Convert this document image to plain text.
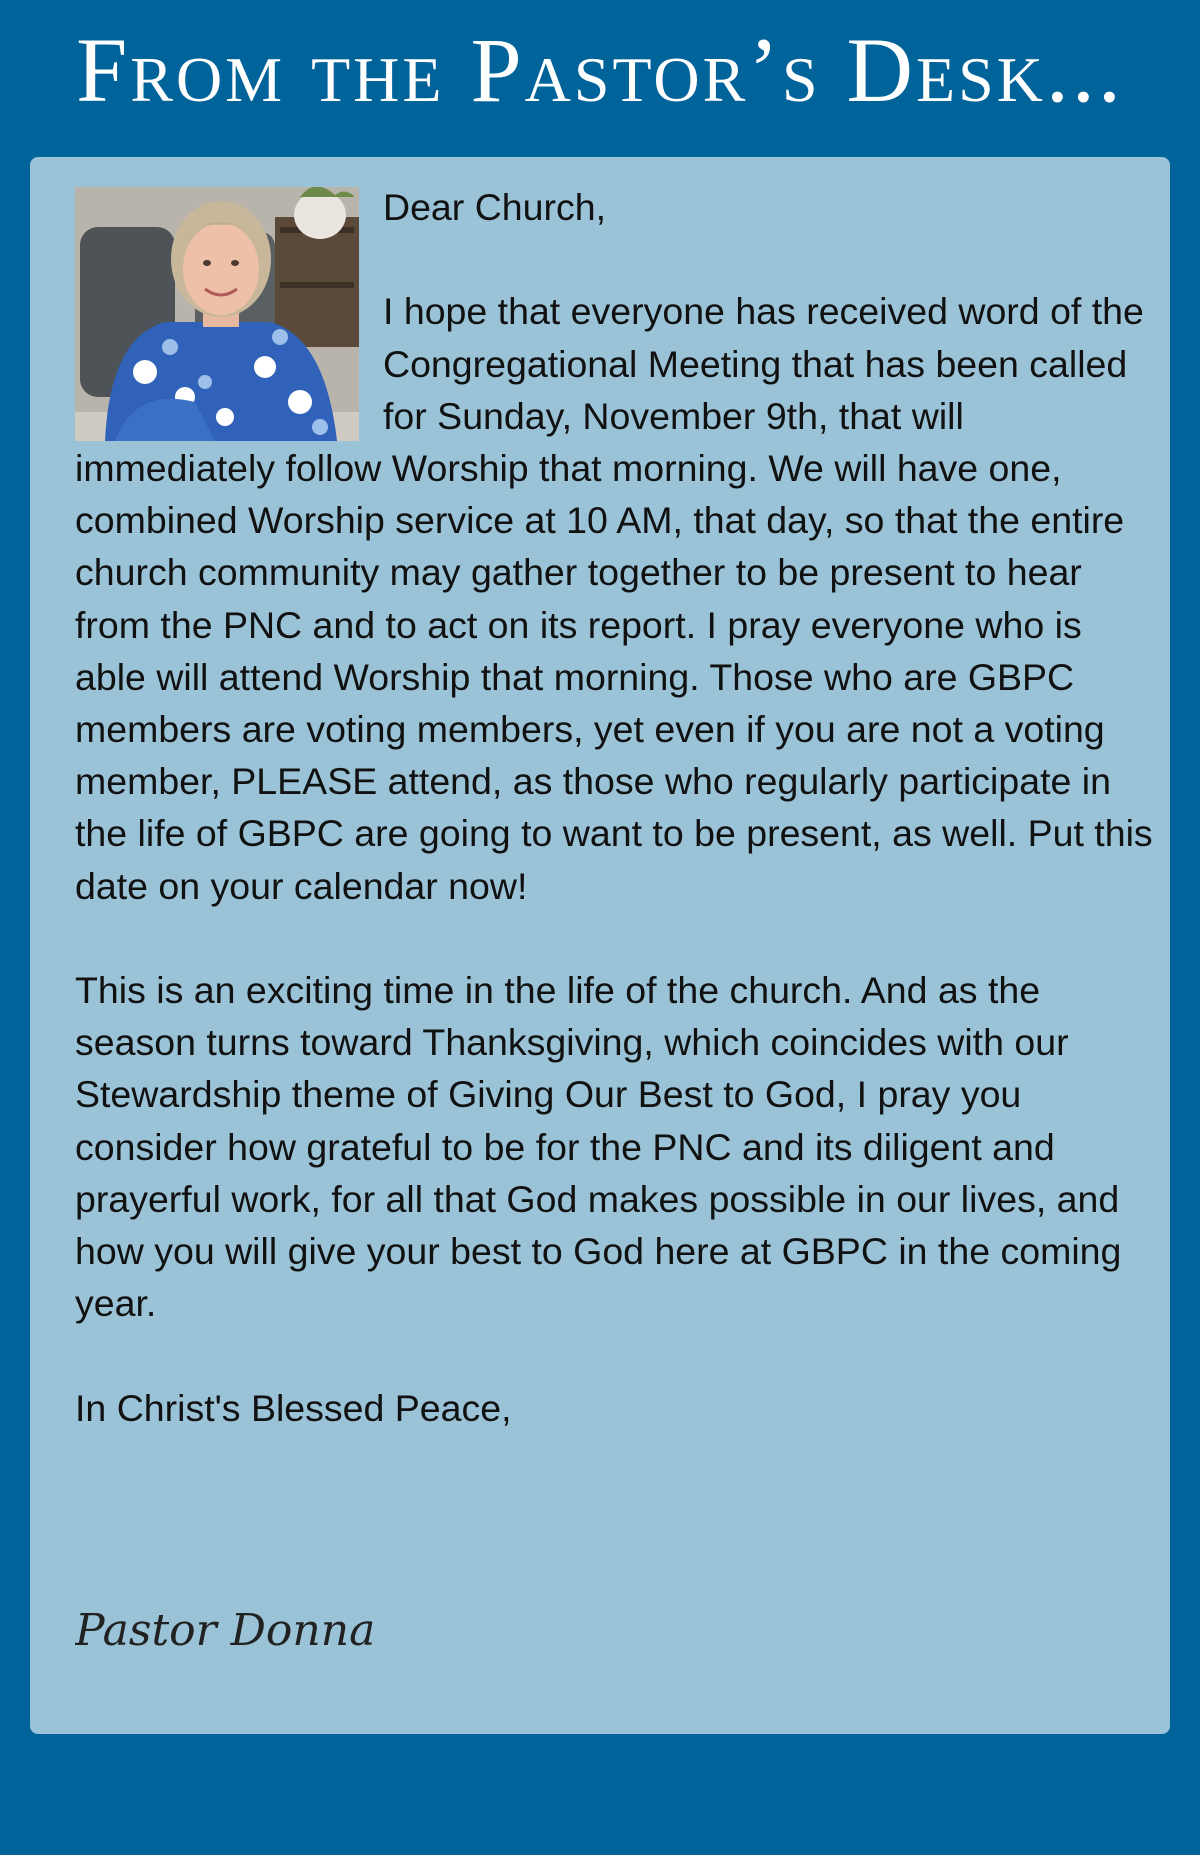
From the Pastor’s Desk...

Dear Church,

I hope that everyone has received word of the Congregational Meeting that has been called for Sunday, November 9th, that will immediately follow Worship that morning. We will have one, combined Worship service at 10 AM, that day, so that the entire church community may gather together to be present to hear from the PNC and to act on its report. I pray everyone who is able will attend Worship that morning. Those who are GBPC members are voting members, yet even if you are not a voting member, PLEASE attend, as those who regularly participate in the life of GBPC are going to want to be present, as well. Put this date on your calendar now!

This is an exciting time in the life of the church. And as the season turns toward Thanksgiving, which coincides with our Stewardship theme of Giving Our Best to God, I pray you consider how grateful to be for the PNC and its diligent and prayerful work, for all that God makes possible in our lives, and how you will give your best to God here at GBPC in the coming year.

In Christ's Blessed Peace,

Pastor Donna
